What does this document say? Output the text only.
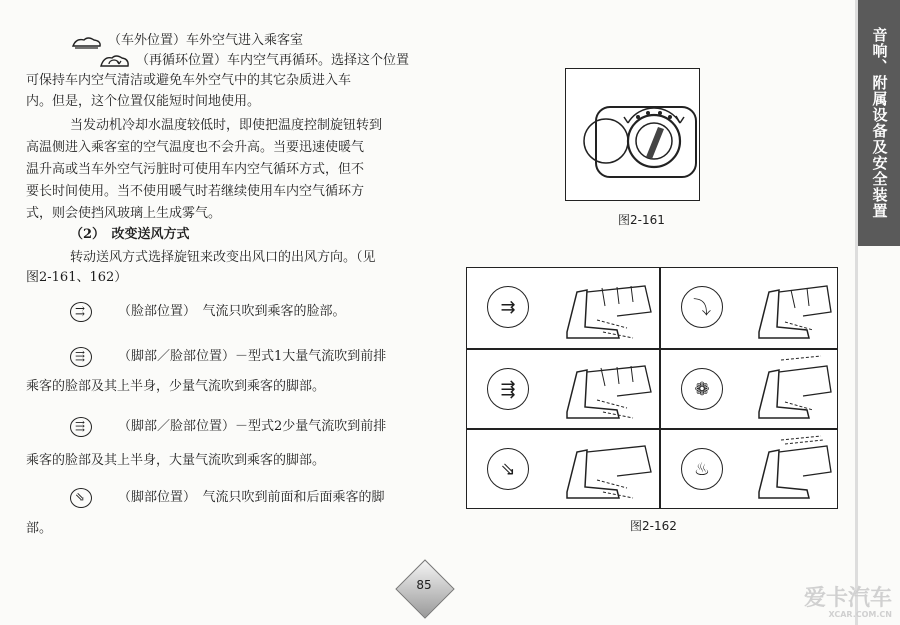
（车外位置）车外空气进入乘客室
（再循环位置）车内空气再循环。选择这个位置
可保持车内空气清洁或避免车外空气中的其它杂质进入车
内。但是，这个位置仅能短时间地使用。
当发动机冷却水温度较低时，即使把温度控制旋钮转到
高温侧进入乘客室的空气温度也不会升高。当要迅速使暖气
温升高或当车外空气污脏时可使用车内空气循环方式，但不
要长时间使用。当不使用暖气时若继续使用车内空气循环方
式，则会使挡风玻璃上生成雾气。
（2）　改变送风方式
转动送风方式选择旋钮来改变出风口的出风方向。（见
图2-161、162）
⇉	（脸部位置）　气流只吹到乘客的脸部。
⇶	（脚部／脸部位置）－型式1大量气流吹到前排
乘客的脸部及其上半身，少量气流吹到乘客的脚部。
⇶	（脚部／脸部位置）－型式2少量气流吹到前排
乘客的脸部及其上半身，大量气流吹到乘客的脚部。
⇘	（脚部位置）　气流只吹到前面和后面乘客的脚
部。
图2-161
⇉	⤵
⇶	❁
⇘	♨
图2-162
音响、附属设备及安全装置
85
爱卡汽车
XCAR.COM.CN
